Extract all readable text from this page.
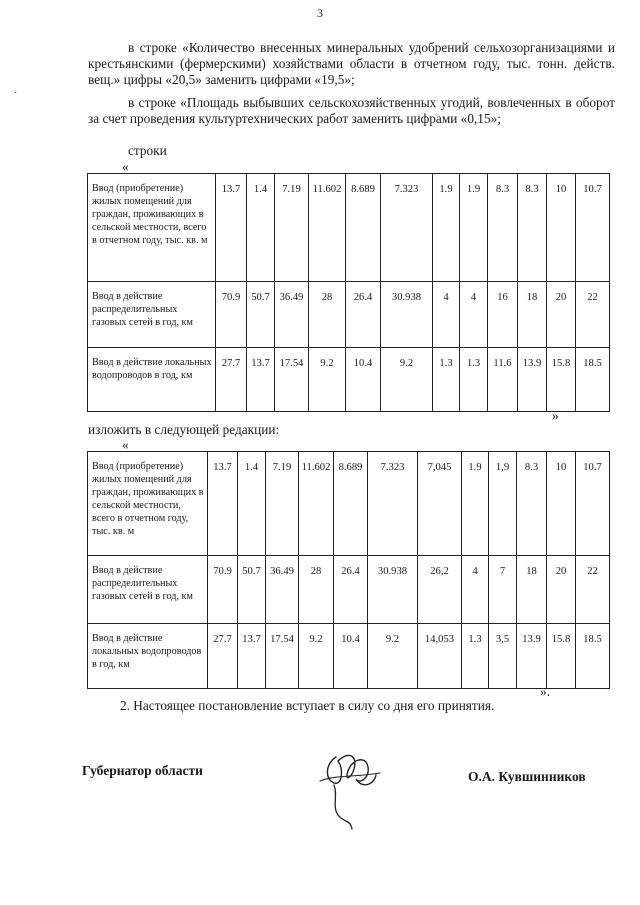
3
·
в строке «Количество внесенных минеральных удобрений сельхозорганизациями и крестьянскими (фермерскими) хозяйствами области в отчетном году, тыс. тонн. действ. вещ.» цифры «20,5» заменить цифрами «19,5»;
в строке «Площадь выбывших сельскохозяйственных угодий, вовлеченных в оборот за счет проведения культуртехнических работ заменить цифрами «0,15»;
строки
«
Ввод (приобретение) жилых помещений для граждан, проживающих в сельской местности, всего в отчетном году, тыс. кв. м	13.7	1.4	7.19	11.602	8.689	7.323	1.9	1.9	8.3	8.3	10	10.7	
Ввод в действие распределительных газовых сетей в год, км	70.9	50.7	36.49	28	26.4	30.938	4	4	16	18	20	22	
Ввод в действие локальных водопроводов в год, км	27.7	13.7	17.54	9.2	10.4	9.2	1.3	1.3	11.6	13.9	15.8	18.5	
»
изложить в следующей редакции:
«
Ввод (приобретение) жилых помещений для граждан, проживающих в сельской местности, всего в отчетном году, тыс. кв. м	13.7	1.4	7.19	11.602	8.689	7.323	7,045	1.9	1,9	8.3	10	10.7	
Ввод в действие распределительных газовых сетей в год, км	70.9	50.7	36.49	28	26.4	30.938	26,2	4	7	18	20	22	
Ввод в действие локальных водопроводов в год, км	27.7	13.7	17.54	9.2	10.4	9.2	14,053	1.3	3,5	13.9	15.8	18.5	
».
2. Настоящее постановление вступает в силу со дня его принятия.
Губернатор области	О.А. Кувшинников
